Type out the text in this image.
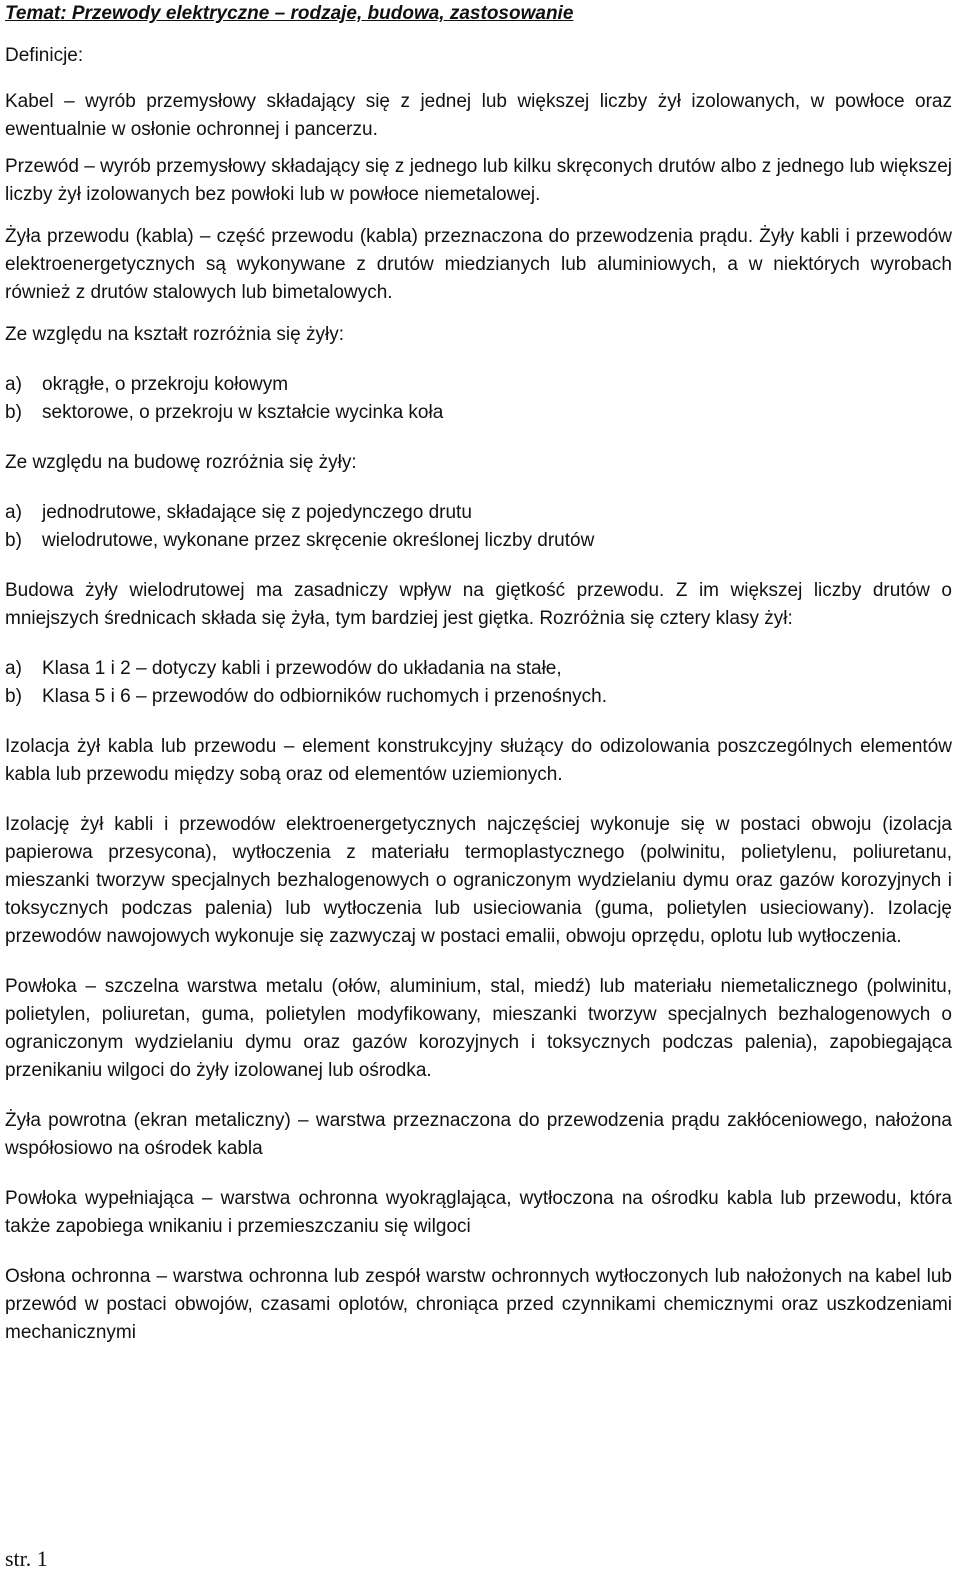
Temat: Przewody elektryczne – rodzaje, budowa, zastosowanie

Definicje:

Kabel – wyrób przemysłowy składający się z jednej lub większej liczby żył izolowanych, w powłoce oraz ewentualnie w osłonie ochronnej i pancerzu.

Przewód – wyrób przemysłowy składający się z jednego lub kilku skręconych drutów albo z jednego lub większej liczby żył izolowanych bez powłoki lub w powłoce niemetalowej.

Żyła przewodu (kabla) – część przewodu (kabla) przeznaczona do przewodzenia prądu. Żyły kabli i przewodów elektroenergetycznych są wykonywane z drutów miedzianych lub aluminiowych, a w niektórych wyrobach również z drutów stalowych lub bimetalowych.

Ze względu na kształt rozróżnia się żyły:

a)	okrągłe, o przekroju kołowym
b)	sektorowe, o przekroju w kształcie wycinka koła

Ze względu na budowę rozróżnia się żyły:

a)	jednodrutowe, składające się z pojedynczego drutu
b)	wielodrutowe, wykonane przez skręcenie określonej liczby drutów

Budowa żyły wielodrutowej ma zasadniczy wpływ na giętkość przewodu. Z im większej liczby drutów o mniejszych średnicach składa się żyła, tym bardziej jest giętka. Rozróżnia się cztery klasy żył:

a)	Klasa 1 i 2 – dotyczy kabli i przewodów do układania na stałe,
b)	Klasa 5 i 6 – przewodów do odbiorników ruchomych i przenośnych.

Izolacja żył kabla lub przewodu – element konstrukcyjny służący do odizolowania poszczególnych elementów kabla lub przewodu między sobą oraz od elementów uziemionych.

Izolację żył kabli i przewodów elektroenergetycznych najczęściej wykonuje się w postaci obwoju (izolacja papierowa przesycona), wytłoczenia z materiału termoplastycznego (polwinitu, polietylenu, poliuretanu, mieszanki tworzyw specjalnych bezhalogenowych o ograniczonym wydzielaniu dymu oraz gazów korozyjnych i toksycznych podczas palenia) lub wytłoczenia lub usieciowania (guma, polietylen usieciowany). Izolację przewodów nawojowych wykonuje się zazwyczaj w postaci emalii, obwoju oprzędu, oplotu lub wytłoczenia.

Powłoka – szczelna warstwa metalu (ołów, aluminium, stal, miedź) lub materiału niemetalicznego (polwinitu, polietylen, poliuretan, guma, polietylen modyfikowany, mieszanki tworzyw specjalnych bezhalogenowych o ograniczonym wydzielaniu dymu oraz gazów korozyjnych i toksycznych podczas palenia), zapobiegająca przenikaniu wilgoci do żyły izolowanej lub ośrodka.

Żyła powrotna (ekran metaliczny) – warstwa przeznaczona do przewodzenia prądu zakłóceniowego, nałożona współosiowo na ośrodek kabla

Powłoka wypełniająca – warstwa ochronna wyokrąglająca, wytłoczona na ośrodku kabla lub przewodu, która także zapobiega wnikaniu i przemieszczaniu się wilgoci

Osłona ochronna – warstwa ochronna lub zespół warstw ochronnych wytłoczonych lub nałożonych na kabel lub przewód w postaci obwojów, czasami oplotów, chroniąca przed czynnikami chemicznymi oraz uszkodzeniami mechanicznymi

str. 1
